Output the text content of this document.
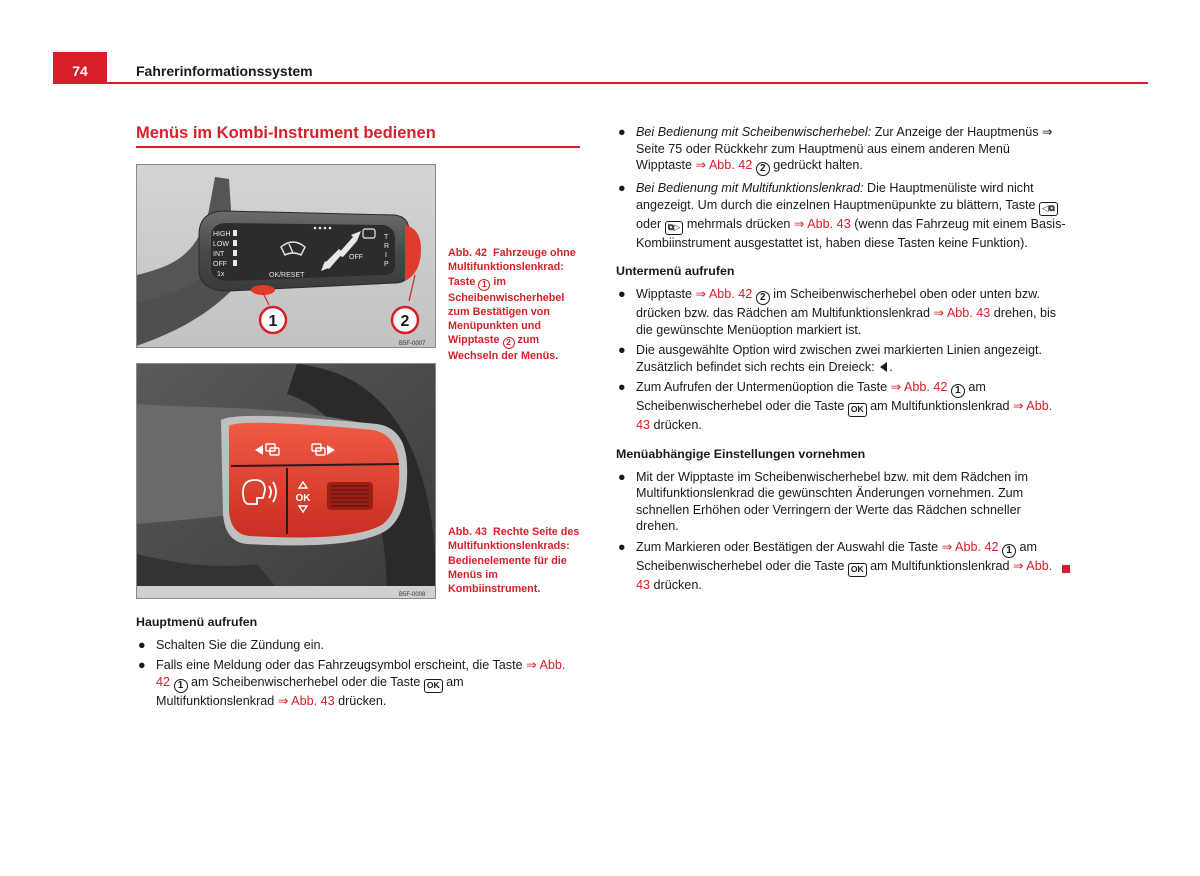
74	Fahrerinformationssystem
Menüs im Kombi-Instrument bedienen
HIGH
LOW
INT
OFF
1x	OK/RESET
OFF
T
R
I
P
1	2
B5F-0007
Abb. 42 Fahrzeuge ohne Multifunktionslenkrad: Taste 1 im Scheibenwischerhebel zum Bestätigen von Menüpunkten und Wipptaste 2 zum Wechseln der Menüs.
OK
B5F-0008
Abb. 43 Rechte Seite des Multifunktionslenkrads: Bedienelemente für die Menüs im Kombiinstrument.
Hauptmenü aufrufen
● Schalten Sie die Zündung ein.
● Falls eine Meldung oder das Fahrzeugsymbol erscheint, die Taste ⇒ Abb. 42 1 am Scheibenwischerhebel oder die Taste OK am Multifunktionslenkrad ⇒ Abb. 43 drücken.
● Bei Bedienung mit Scheibenwischerhebel: Zur Anzeige der Hauptmenüs ⇒ Seite 75 oder Rückkehr zum Hauptmenü aus einem anderen Menü Wipptaste ⇒ Abb. 42 2 gedrückt halten.
● Bei Bedienung mit Multifunktionslenkrad: Die Hauptmenüliste wird nicht angezeigt. Um durch die einzelnen Hauptmenüpunkte zu blättern, Taste ◁⧉ oder ⧉▷ mehrmals drücken ⇒ Abb. 43 (wenn das Fahrzeug mit einem Basis-Kombiinstrument ausgestattet ist, haben diese Tasten keine Funktion).
Untermenü aufrufen
● Wipptaste ⇒ Abb. 42 2 im Scheibenwischerhebel oben oder unten bzw. drücken bzw. das Rädchen am Multifunktionslenkrad ⇒ Abb. 43 drehen, bis die gewünschte Menüoption markiert ist.
● Die ausgewählte Option wird zwischen zwei markierten Linien angezeigt. Zusätzlich befindet sich rechts ein Dreieck: .
● Zum Aufrufen der Untermenüoption die Taste ⇒ Abb. 42 1 am Scheibenwischerhebel oder die Taste OK am Multifunktionslenkrad ⇒ Abb. 43 drücken.
Menüabhängige Einstellungen vornehmen
● Mit der Wipptaste im Scheibenwischerhebel bzw. mit dem Rädchen im Multifunktionslenkrad die gewünschten Änderungen vornehmen. Zum schnellen Erhöhen oder Verringern der Werte das Rädchen schneller drehen.
● Zum Markieren oder Bestätigen der Auswahl die Taste ⇒ Abb. 42 1 am Scheibenwischerhebel oder die Taste OK am Multifunktionslenkrad ⇒ Abb. 43 drücken.
